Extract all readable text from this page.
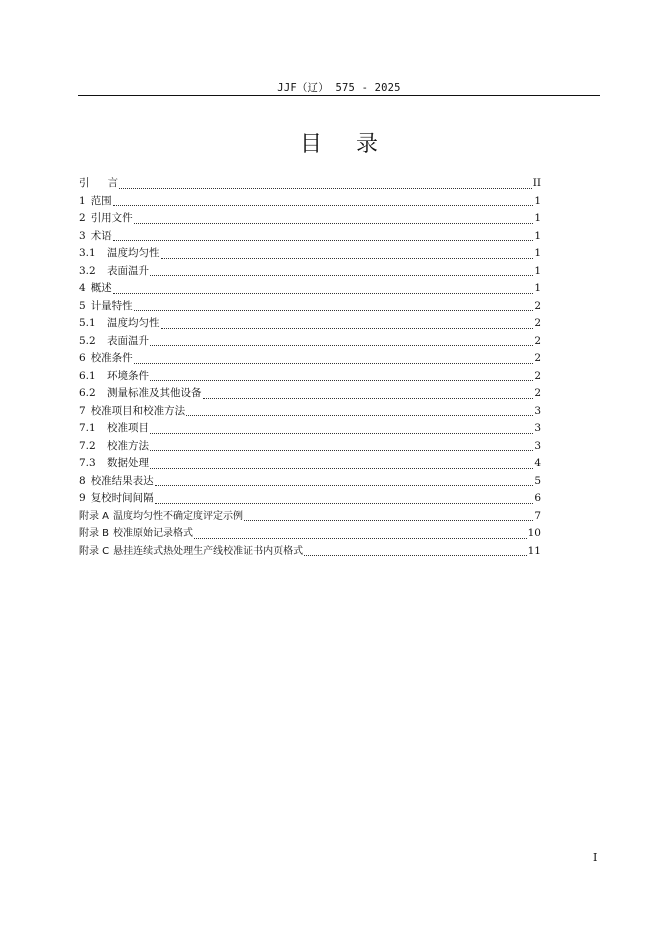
JJF（辽） 575 - 2025
目录
引 言	II
1 范围	1
2 引用文件	1
3 术语	1
3.1	温度均匀性	1
3.2	表面温升	1
4 概述	1
5 计量特性	2
5.1	温度均匀性	2
5.2	表面温升	2
6 校准条件	2
6.1	环境条件	2
6.2	测量标准及其他设备	2
7 校准项目和校准方法	3
7.1	校准项目	3
7.2	校准方法	3
7.3	数据处理	4
8 校准结果表达	5
9 复校时间间隔	6
附录 A 温度均匀性不确定度评定示例	7
附录 B 校准原始记录格式	10
附录 C 悬挂连续式热处理生产线校准证书内页格式	11
I
